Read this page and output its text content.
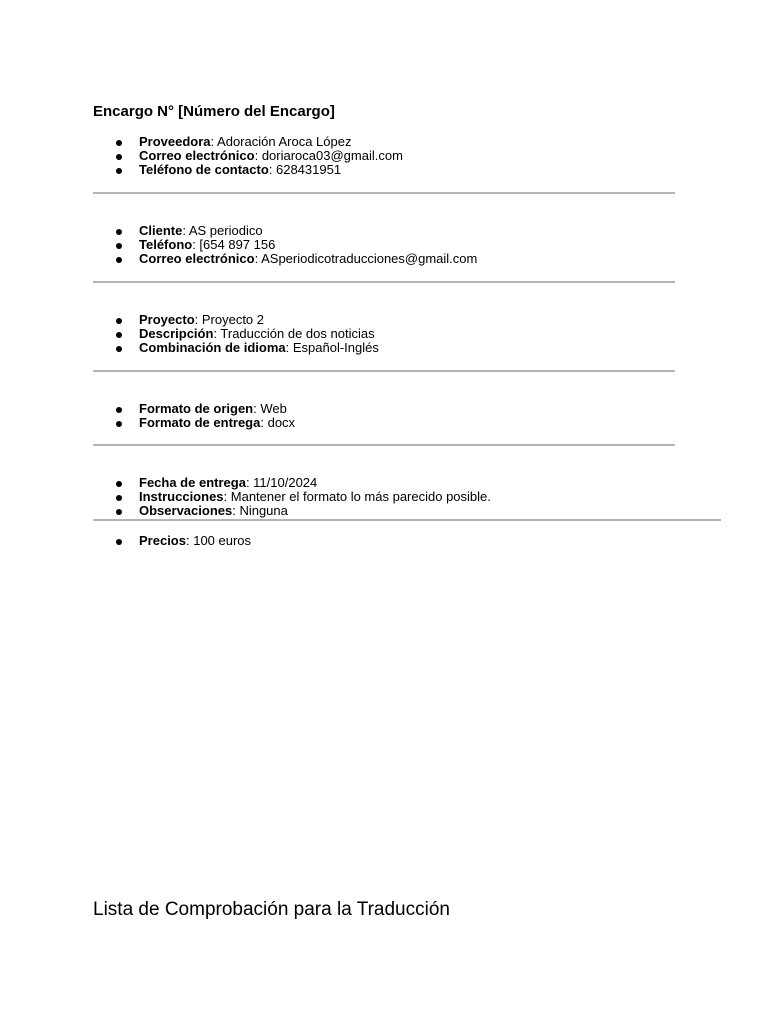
Encargo N° [Número del Encargo]
Proveedora: Adoración Aroca López
Correo electrónico: doriaroca03@gmail.com
Teléfono de contacto: 628431951
Cliente: AS periodico
Teléfono: [654 897 156
Correo electrónico: ASperiodicotraducciones@gmail.com
Proyecto: Proyecto 2
Descripción: Traducción de dos noticias
Combinación de idioma: Español-Inglés
Formato de origen: Web
Formato de entrega: docx
Fecha de entrega: 11/10/2024
Instrucciones: Mantener el formato lo más parecido posible.
Observaciones: Ninguna
Precios: 100 euros
Lista de Comprobación para la Traducción
